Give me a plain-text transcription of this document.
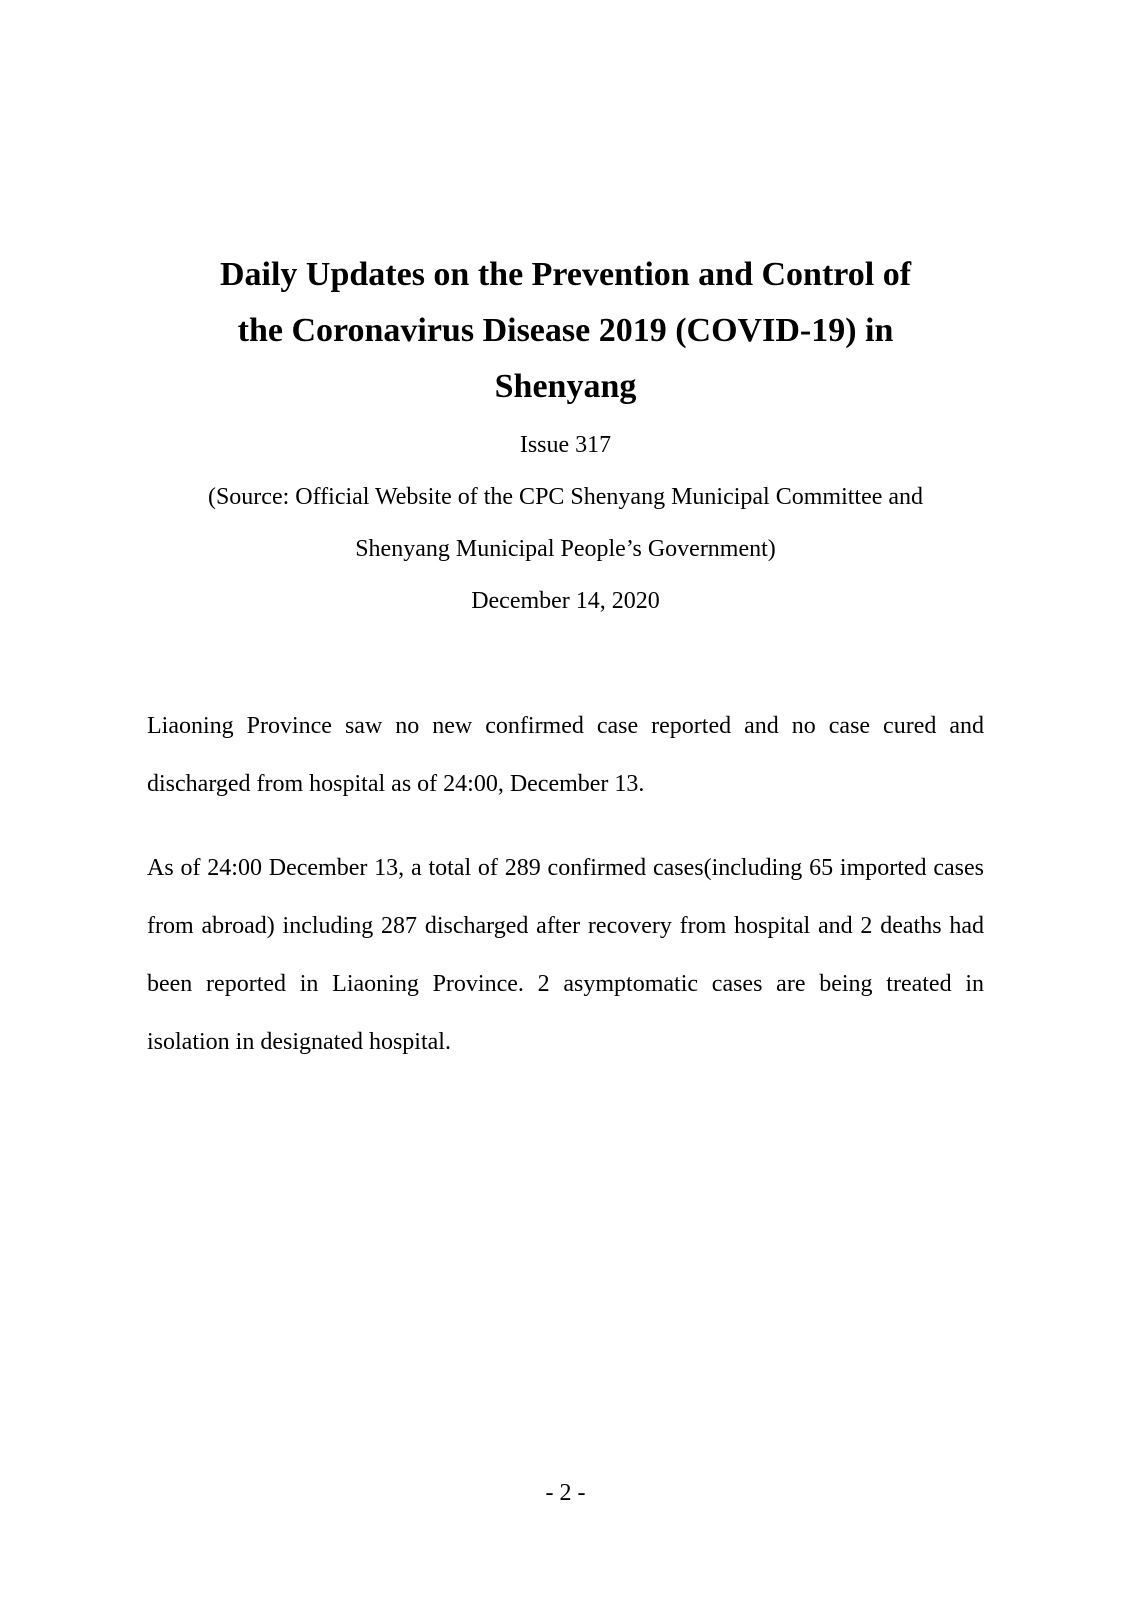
Daily Updates on the Prevention and Control of
the Coronavirus Disease 2019 (COVID-19) in
Shenyang
Issue 317
(Source: Official Website of the CPC Shenyang Municipal Committee and
Shenyang Municipal People’s Government)
December 14, 2020

Liaoning Province saw no new confirmed case reported and no case cured and discharged from hospital as of 24:00, December 13.

As of 24:00 December 13, a total of 289 confirmed cases(including 65 imported cases from abroad) including 287 discharged after recovery from hospital and 2 deaths had been reported in Liaoning Province. 2 asymptomatic cases are being treated in isolation in designated hospital.

- 2 -
